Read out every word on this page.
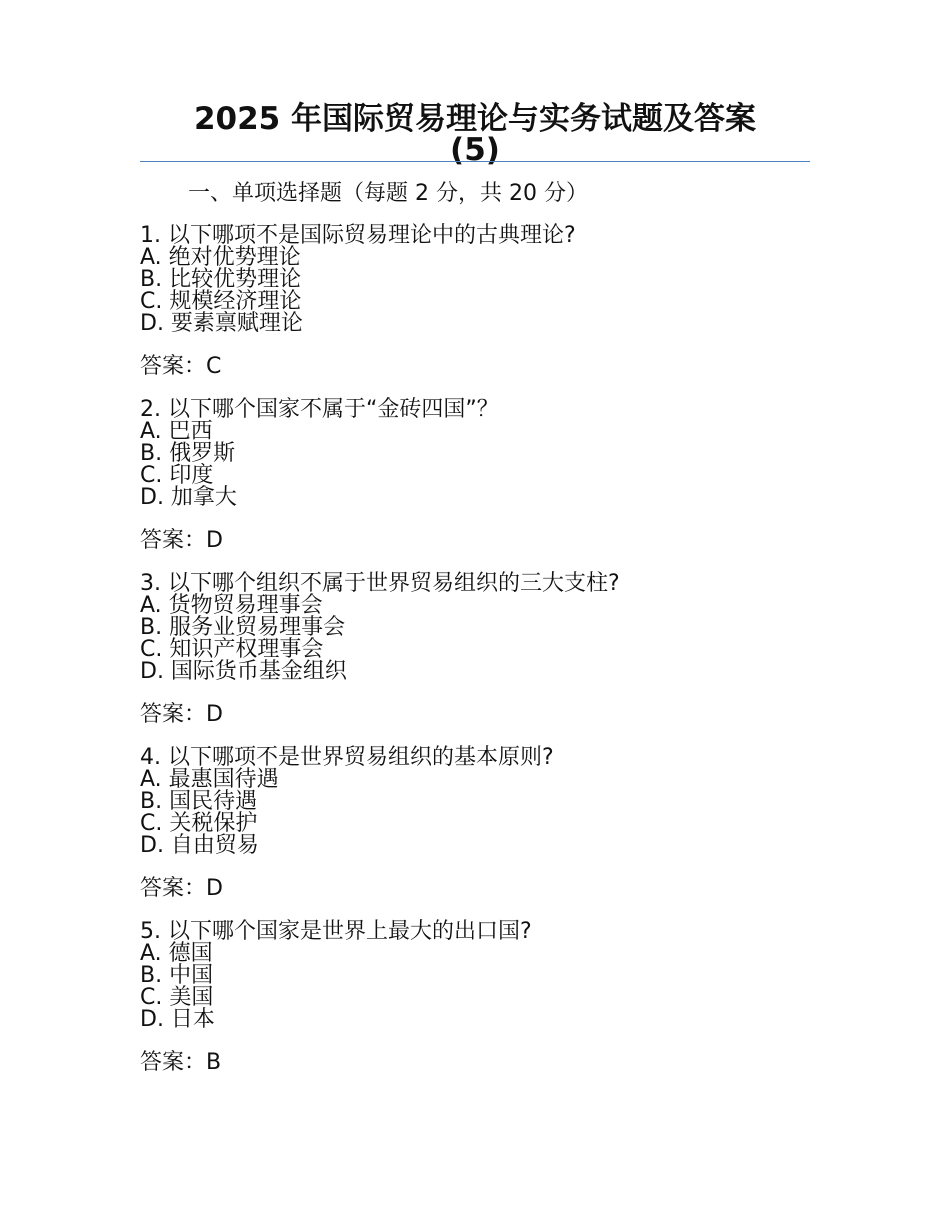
2025 年国际贸易理论与实务试题及答案
(5)
一、单项选择题（每题 2 分，共 20 分）
1. 以下哪项不是国际贸易理论中的古典理论?
A. 绝对优势理论
B. 比较优势理论
C. 规模经济理论
D. 要素禀赋理论
答案：C
2. 以下哪个国家不属于“金砖四国”？
A. 巴西
B. 俄罗斯
C. 印度
D. 加拿大
答案：D
3. 以下哪个组织不属于世界贸易组织的三大支柱?
A. 货物贸易理事会
B. 服务业贸易理事会
C. 知识产权理事会
D. 国际货币基金组织
答案：D
4. 以下哪项不是世界贸易组织的基本原则?
A. 最惠国待遇
B. 国民待遇
C. 关税保护
D. 自由贸易
答案：D
5. 以下哪个国家是世界上最大的出口国?
A. 德国
B. 中国
C. 美国
D. 日本
答案：B
